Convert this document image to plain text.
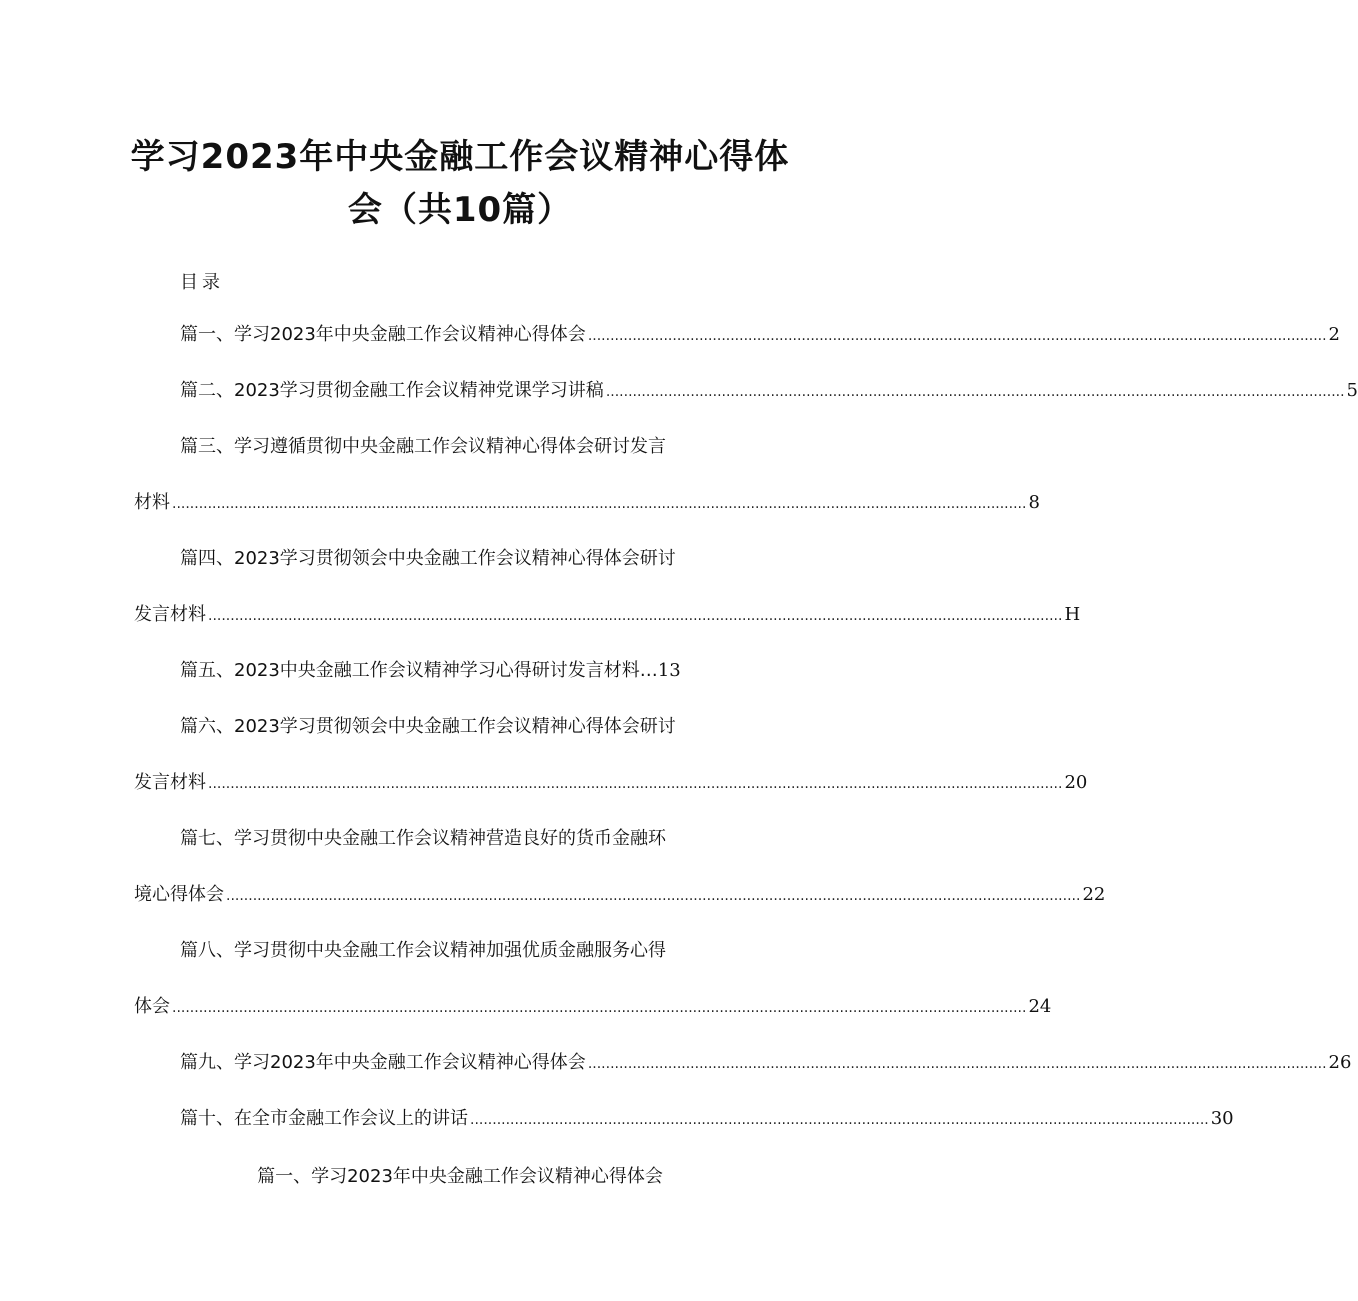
学习2023年中央金融工作会议精神心得体
会（共10篇）
目录
篇一、学习2023年中央金融工作会议精神心得体会 ...................................................................................................................................................................... 2
篇二、2023学习贯彻金融工作会议精神党课学习讲稿 ...................................................................................................................................................................... 5
篇三、学习遵循贯彻中央金融工作会议精神心得体会研讨发言
材料 ................................................................................................................................................................................................ 8
篇四、2023学习贯彻领会中央金融工作会议精神心得体会研讨
发言材料 ................................................................................................................................................................................................ H
篇五、2023中央金融工作会议精神学习心得研讨发言材料… 13
篇六、2023学习贯彻领会中央金融工作会议精神心得体会研讨
发言材料 ................................................................................................................................................................................................ 20
篇七、学习贯彻中央金融工作会议精神营造良好的货币金融环
境心得体会 ................................................................................................................................................................................................ 22
篇八、学习贯彻中央金融工作会议精神加强优质金融服务心得
体会 ................................................................................................................................................................................................ 24
篇九、学习2023年中央金融工作会议精神心得体会 ...................................................................................................................................................................... 26
篇十、在全市金融工作会议上的讲话 ...................................................................................................................................................................... 30
篇一、学习2023年中央金融工作会议精神心得体会
